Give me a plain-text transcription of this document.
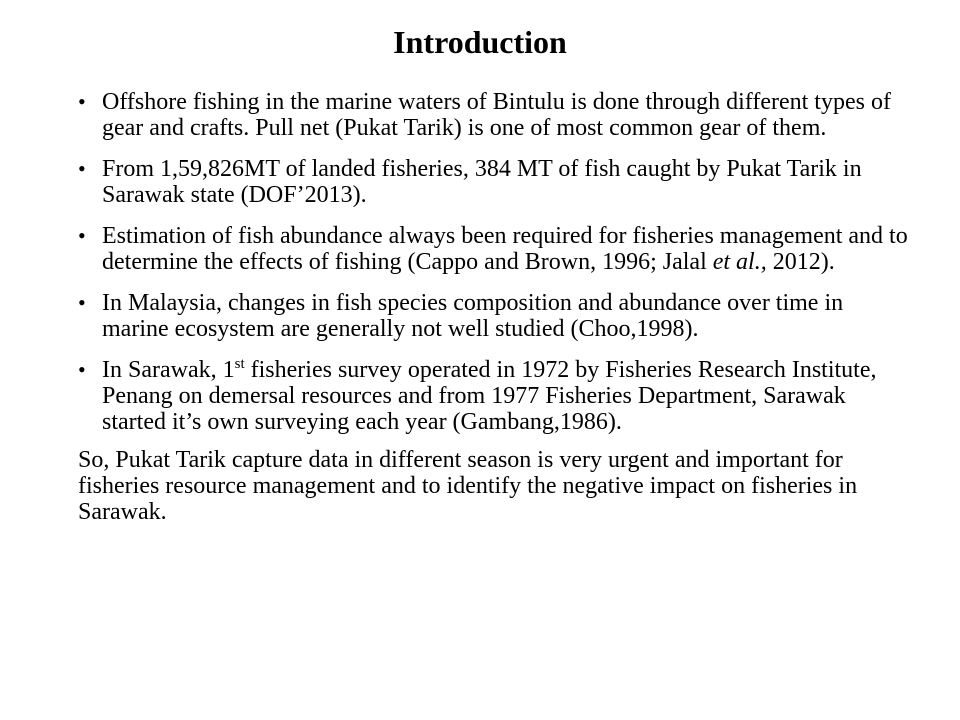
Introduction
• Offshore fishing in the marine waters of Bintulu is done through different types of gear and crafts. Pull net (Pukat Tarik) is one of most common gear of them.
• From 1,59,826MT of landed fisheries, 384 MT of fish caught by Pukat Tarik in Sarawak state (DOF’2013).
• Estimation of fish abundance always been required for fisheries management and to determine the effects of fishing (Cappo and Brown, 1996; Jalal et al., 2012).
• In Malaysia, changes in fish species composition and abundance over time in marine ecosystem are generally not well studied (Choo,1998).
• In Sarawak, 1st fisheries survey operated in 1972 by Fisheries Research Institute, Penang on demersal resources and from 1977 Fisheries Department, Sarawak started it’s own surveying each year (Gambang,1986).
So, Pukat Tarik capture data in different season is very urgent and important for fisheries resource management and to identify the negative impact on fisheries in Sarawak.
